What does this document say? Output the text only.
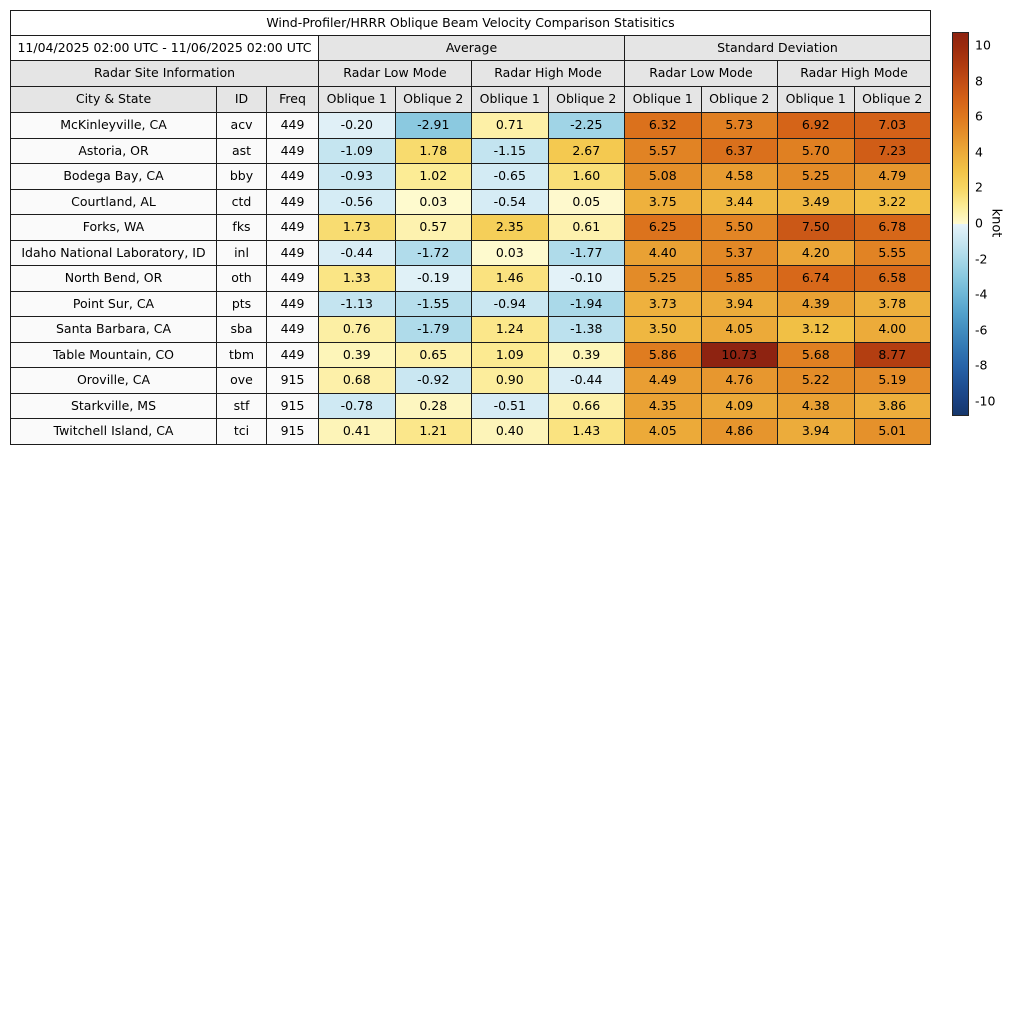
Wind-Profiler/HRRR Oblique Beam Velocity Comparison Statisitics										
11/04/2025 02:00 UTC - 11/06/2025 02:00 UTC			Average				Standard Deviation			
Radar Site Information			Radar Low Mode		Radar High Mode		Radar Low Mode		Radar High Mode	
City & State	ID	Freq	Oblique 1	Oblique 2	Oblique 1	Oblique 2	Oblique 1	Oblique 2	Oblique 1	Oblique 2
McKinleyville, CA	acv	449	-0.20	-2.91	0.71	-2.25	6.32	5.73	6.92	7.03
Astoria, OR	ast	449	-1.09	1.78	-1.15	2.67	5.57	6.37	5.70	7.23
Bodega Bay, CA	bby	449	-0.93	1.02	-0.65	1.60	5.08	4.58	5.25	4.79
Courtland, AL	ctd	449	-0.56	0.03	-0.54	0.05	3.75	3.44	3.49	3.22
Forks, WA	fks	449	1.73	0.57	2.35	0.61	6.25	5.50	7.50	6.78
Idaho National Laboratory, ID	inl	449	-0.44	-1.72	0.03	-1.77	4.40	5.37	4.20	5.55
North Bend, OR	oth	449	1.33	-0.19	1.46	-0.10	5.25	5.85	6.74	6.58
Point Sur, CA	pts	449	-1.13	-1.55	-0.94	-1.94	3.73	3.94	4.39	3.78
Santa Barbara, CA	sba	449	0.76	-1.79	1.24	-1.38	3.50	4.05	3.12	4.00
Table Mountain, CO	tbm	449	0.39	0.65	1.09	0.39	5.86	10.73	5.68	8.77
Oroville, CA	ove	915	0.68	-0.92	0.90	-0.44	4.49	4.76	5.22	5.19
Starkville, MS	stf	915	-0.78	0.28	-0.51	0.66	4.35	4.09	4.38	3.86
Twitchell Island, CA	tci	915	0.41	1.21	0.40	1.43	4.05	4.86	3.94	5.01
10
8
6
4
2
0
-2
-4
-6
-8
-10
knot
